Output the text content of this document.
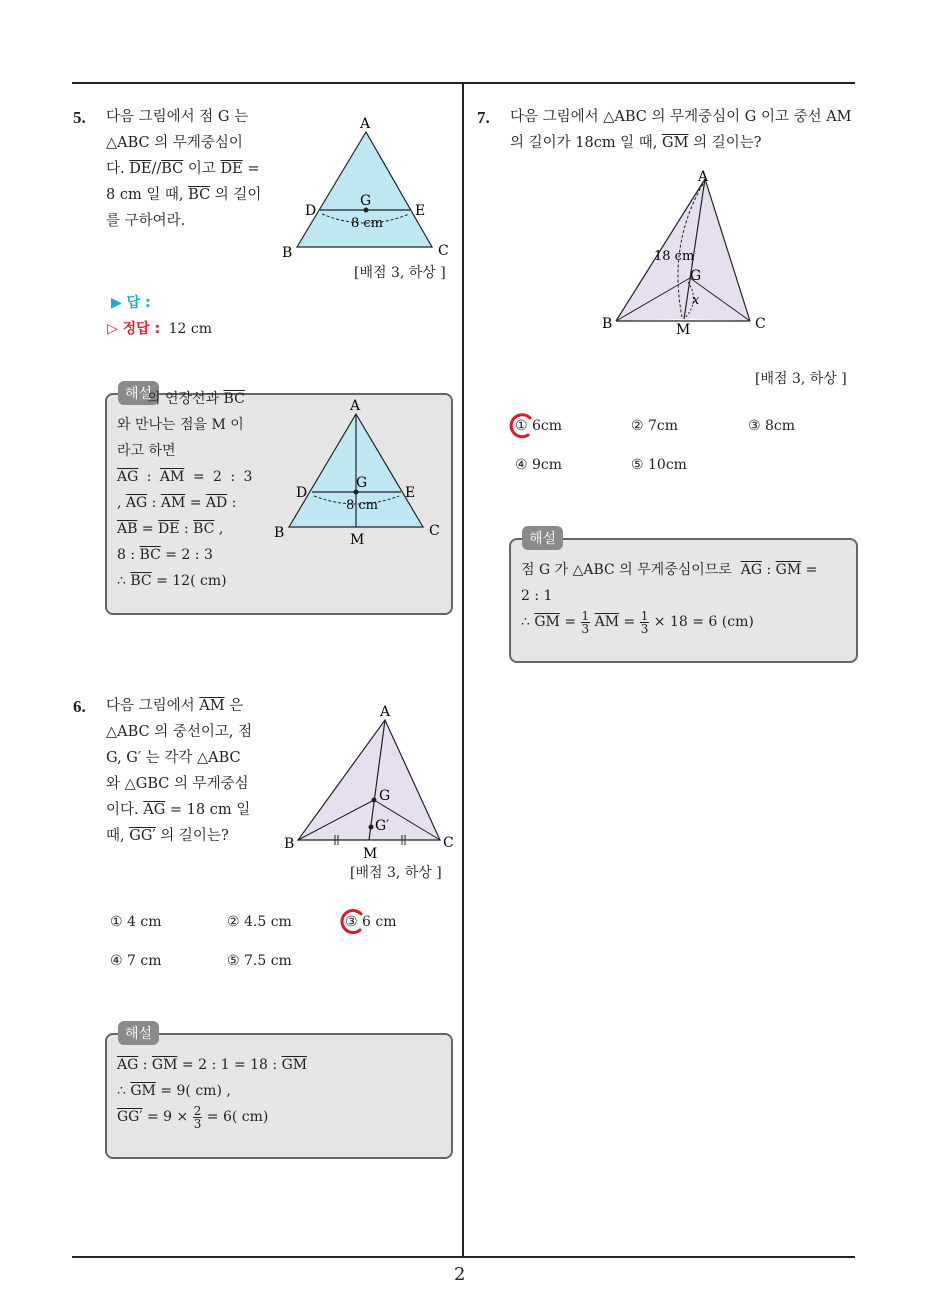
2
5. 다음 그림에서 점 G 는
△ABC 의 무게중심이
다. $\overline{DE}//\overline{BC}$ 이고 $\overline{DE}$ =
8 cm 일 때, $\overline{BC}$ 의 길이
를 구하여라.
A
B	C
D	E
G
8 cm
[배점 3, 하상 ]
▶ 답 :
▷ 정답 : 12 cm
해설
의 연장선과 $\overline{BC}$
와 만나는 점을 M 이
라고 하면
$\overline{AG}$ : $\overline{AM} = 2$ : 3
, $\overline{AG}$ : $\overline{AM} = \overline{AD}$ :
$\overline{AB} = \overline{DE}$ : $\overline{BC}$ ,
8 : $\overline{BC} = 2$ : 3
∴ $\overline{BC} = 12$( cm)
A
B	C
D	E
G
M
8 cm
6. 다음 그림에서 $\overline{AM}$ 은
△ABC 의 중선이고, 점
G, G′ 는 각각 △ABC
와 △GBC 의 무게중심
이다. $\overline{AG} = 18$ cm 일
때, GG′ 의 길이는?
A
B	C
G
G′
M
[배점 3, 하상 ]
① 4 cm	② 4.5 cm	③ 6 cm
④ 7 cm	⑤ 7.5 cm
해설
$\overline{AG}$ : $\overline{GM} = 2$ : 1 = 18 : $\overline{GM}$
∴ $\overline{GM} = 9$( cm) ,
$GG' = 9 \times \frac{2}{3} = 6$( cm)
7. 다음 그림에서 △ABC 의 무게중심이 G 이고 중선 AM
의 길이가 18cm 일 때, $\overline{GM}$ 의 길이는?
A
B	C
G
M
18 cm
x
[배점 3, 하상 ]
① 6cm	② 7cm	③ 8cm
④ 9cm	⑤ 10cm
해설
점 G 가 △ABC 의 무게중심이므로  $\overline{AG}$ : $\overline{GM}$ =
2 : 1
∴ $\overline{GM} = \frac{1}{3} \overline{AM} = \frac{1}{3} \times 18 = 6$ (cm)
